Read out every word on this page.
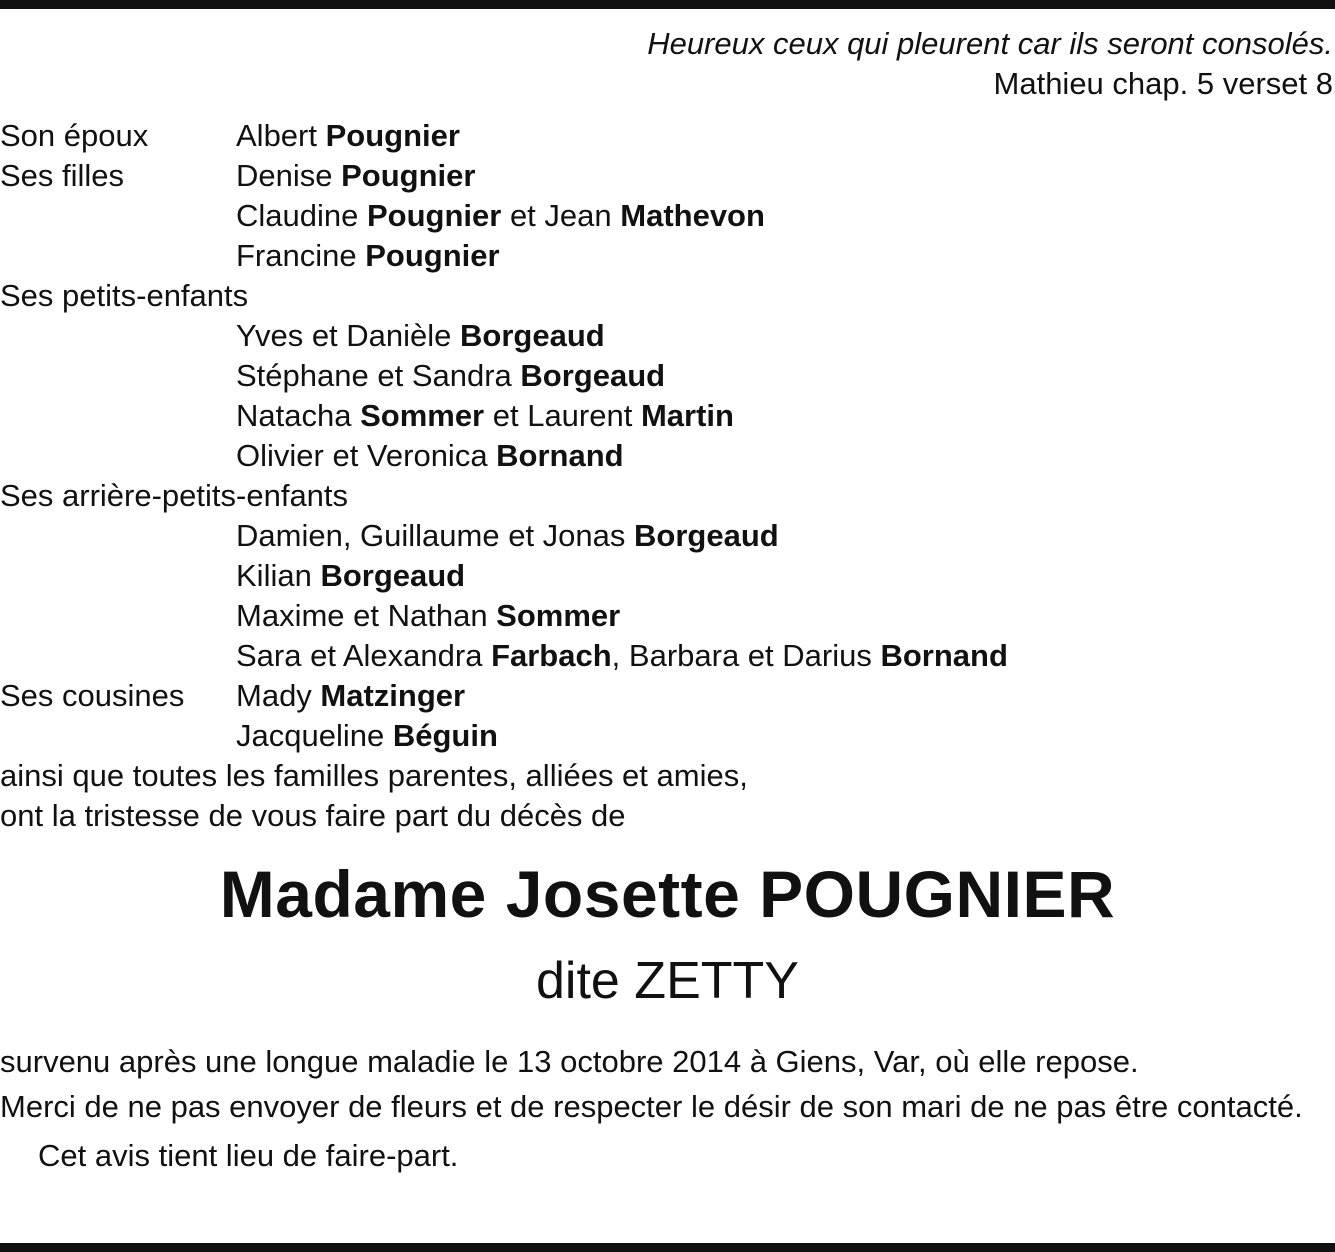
Heureux ceux qui pleurent car ils seront consolés.
Mathieu chap. 5 verset 8
Son époux	Albert Pougnier
Ses filles	Denise Pougnier
Claudine Pougnier et Jean Mathevon
Francine Pougnier
Ses petits-enfants
Yves et Danièle Borgeaud
Stéphane et Sandra Borgeaud
Natacha Sommer et Laurent Martin
Olivier et Veronica Bornand
Ses arrière-petits-enfants
Damien, Guillaume et Jonas Borgeaud
Kilian Borgeaud
Maxime et Nathan Sommer
Sara et Alexandra Farbach, Barbara et Darius Bornand
Ses cousines Mady Matzinger
Jacqueline Béguin
ainsi que toutes les familles parentes, alliées et amies,
ont la tristesse de vous faire part du décès de
Madame Josette POUGNIER
dite ZETTY

survenu après une longue maladie le 13 octobre 2014 à Giens, Var, où elle repose.

Merci de ne pas envoyer de fleurs et de respecter le désir de son mari de ne pas être contacté.

Cet avis tient lieu de faire-part.
